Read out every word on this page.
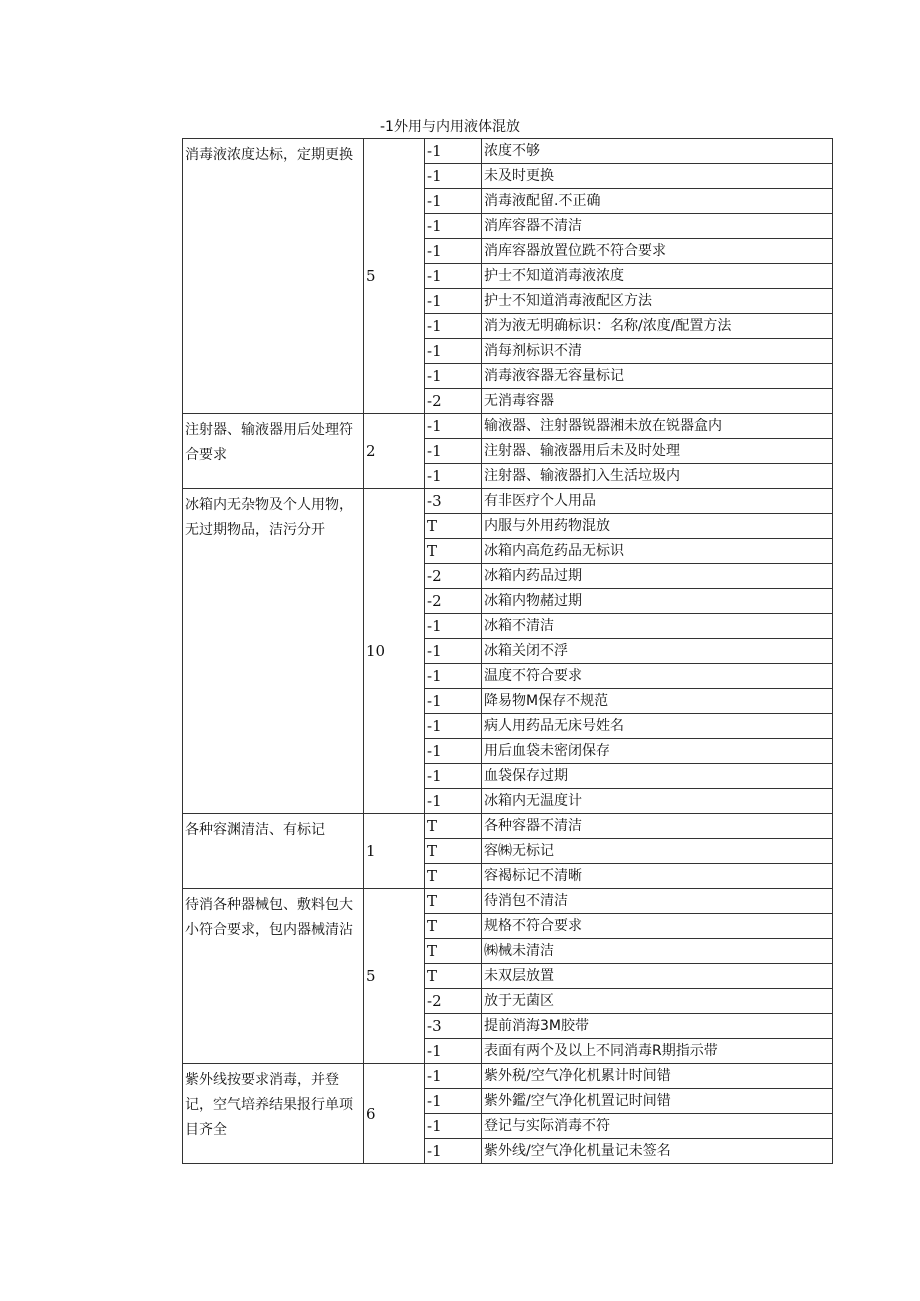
-1外用与内用液体混放
消毒液浓度达标，定期更换	5	-1	浓度不够
		-1	未及时更换
		-1	消毒液配留.不正确
		-1	消库容器不清洁
		-1	消库容器放置位跣不符合要求
		-1	护士不知道消毒液浓度
		-1	护士不知道消毒液配区方法
		-1	消为液无明确标识：名称/浓度/配置方法
		-1	消每剂标识不清
		-1	消毒液容器无容量标记
		-2	无消毒容器
注射器、输液器用后处理符合要求	2	-1	输液器、注射器锐器湘未放在锐器盒内
		-1	注射器、输液器用后未及时处理
		-1	注射器、输液器扪入生活垃圾内
冰箱内无杂物及个人用物，无过期物品，洁污分开	10	-3	有非医疗个人用品
		T	内服与外用药物混放
		T	冰箱内高危药品无标识
		-2	冰箱内药品过期
		-2	冰箱内物赭过期
		-1	冰箱不清洁
		-1	冰箱关闭不浮
		-1	温度不符合要求
		-1	降易物M保存不规范
		-1	病人用药品无床号姓名
		-1	用后血袋未密闭保存
		-1	血袋保存过期
		-1	冰箱内无温度计
各种容渊清洁、有标记	1	T	各种容器不清洁
		T	容㈱无标记
		T	容褐标记不清晰
待消各种器械包、敷料包大小符合要求，包内器械清沾	5	T	待消包不清洁
		T	规格不符合要求
		T	㈱械未清洁
		T	未双层放置
		-2	放于无菌区
		-3	提前消海3M胶带
		-1	表面有两个及以上不同消毒R期指示带
紫外线按要求消毒，并登记，空气培养结果报行单项目齐全	6	-1	紫外税/空气净化机累计时间错
		-1	紫外鑑/空气净化机置记时间错
		-1	登记与实际消毒不符
		-1	紫外线/空气净化机量记未签名
